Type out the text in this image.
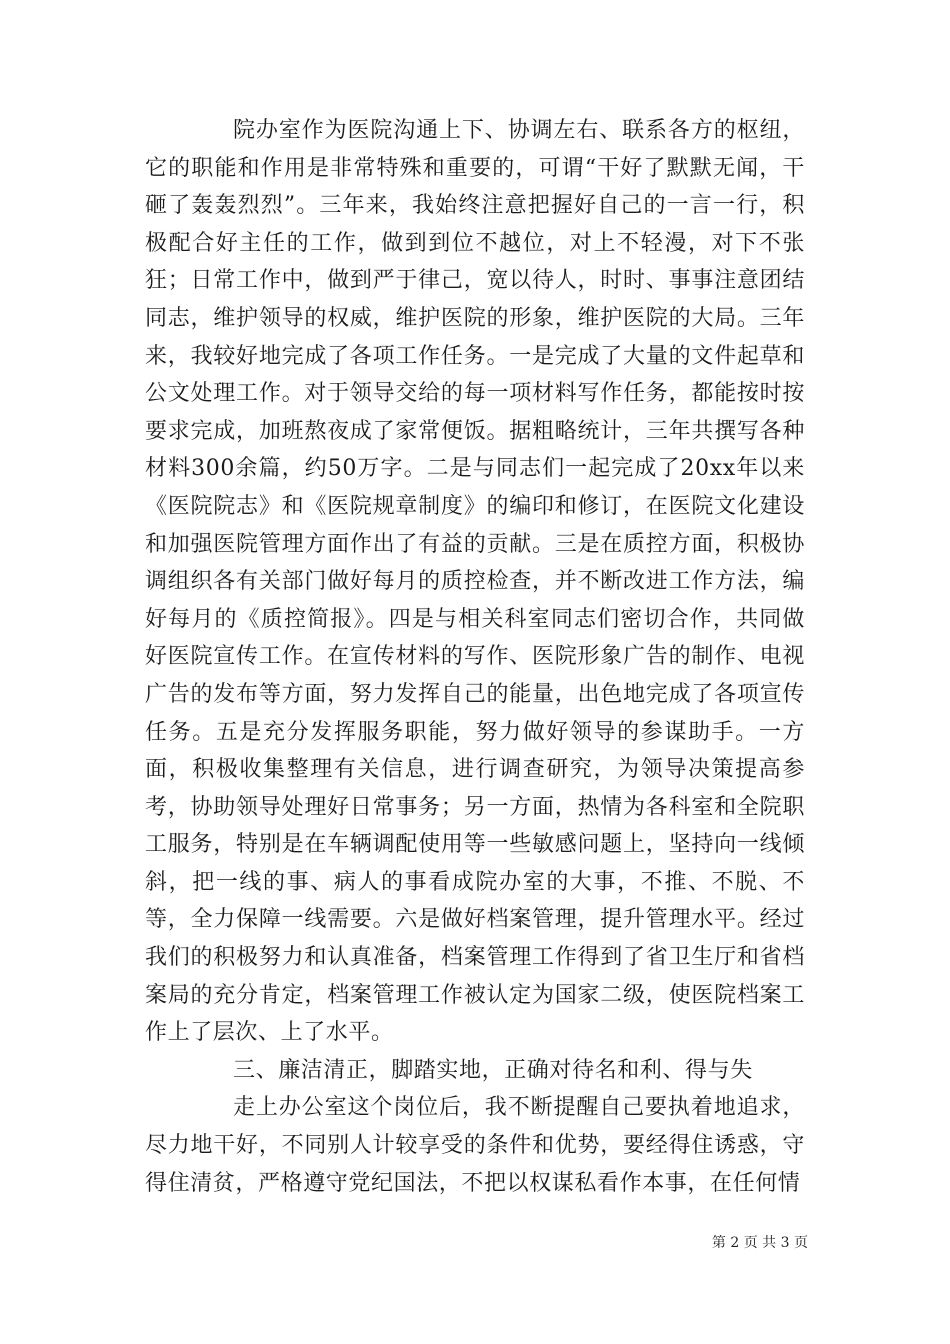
院办室作为医院沟通上下、协调左右、联系各方的枢纽，它的职能和作用是非常特殊和重要的，可谓“干好了默默无闻，干砸了轰轰烈烈”。三年来，我始终注意把握好自己的一言一行，积极配合好主任的工作，做到到位不越位，对上不轻漫，对下不张狂；日常工作中，做到严于律己，宽以待人，时时、事事注意团结同志，维护领导的权威，维护医院的形象，维护医院的大局。三年来，我较好地完成了各项工作任务。一是完成了大量的文件起草和公文处理工作。对于领导交给的每一项材料写作任务，都能按时按要求完成，加班熬夜成了家常便饭。据粗略统计，三年共撰写各种材料300余篇，约50万字。二是与同志们一起完成了20xx年以来《医院院志》和《医院规章制度》的编印和修订，在医院文化建设和加强医院管理方面作出了有益的贡献。三是在质控方面，积极协调组织各有关部门做好每月的质控检查，并不断改进工作方法，编好每月的《质控简报》。四是与相关科室同志们密切合作，共同做好医院宣传工作。在宣传材料的写作、医院形象广告的制作、电视广告的发布等方面，努力发挥自己的能量，出色地完成了各项宣传任务。五是充分发挥服务职能，努力做好领导的参谋助手。一方面，积极收集整理有关信息，进行调查研究，为领导决策提高参考，协助领导处理好日常事务；另一方面，热情为各科室和全院职工服务，特别是在车辆调配使用等一些敏感问题上，坚持向一线倾斜，把一线的事、病人的事看成院办室的大事，不推、不脱、不等，全力保障一线需要。六是做好档案管理，提升管理水平。经过我们的积极努力和认真准备，档案管理工作得到了省卫生厅和省档案局的充分肯定，档案管理工作被认定为国家二级，使医院档案工作上了层次、上了水平。

三、廉洁清正，脚踏实地，正确对待名和利、得与失

走上办公室这个岗位后，我不断提醒自己要执着地追求，尽力地干好，不同别人计较享受的条件和优势，要经得住诱惑，守得住清贫，严格遵守党纪国法，不把以权谋私看作本事，在任何情

第 2 页 共 3 页
